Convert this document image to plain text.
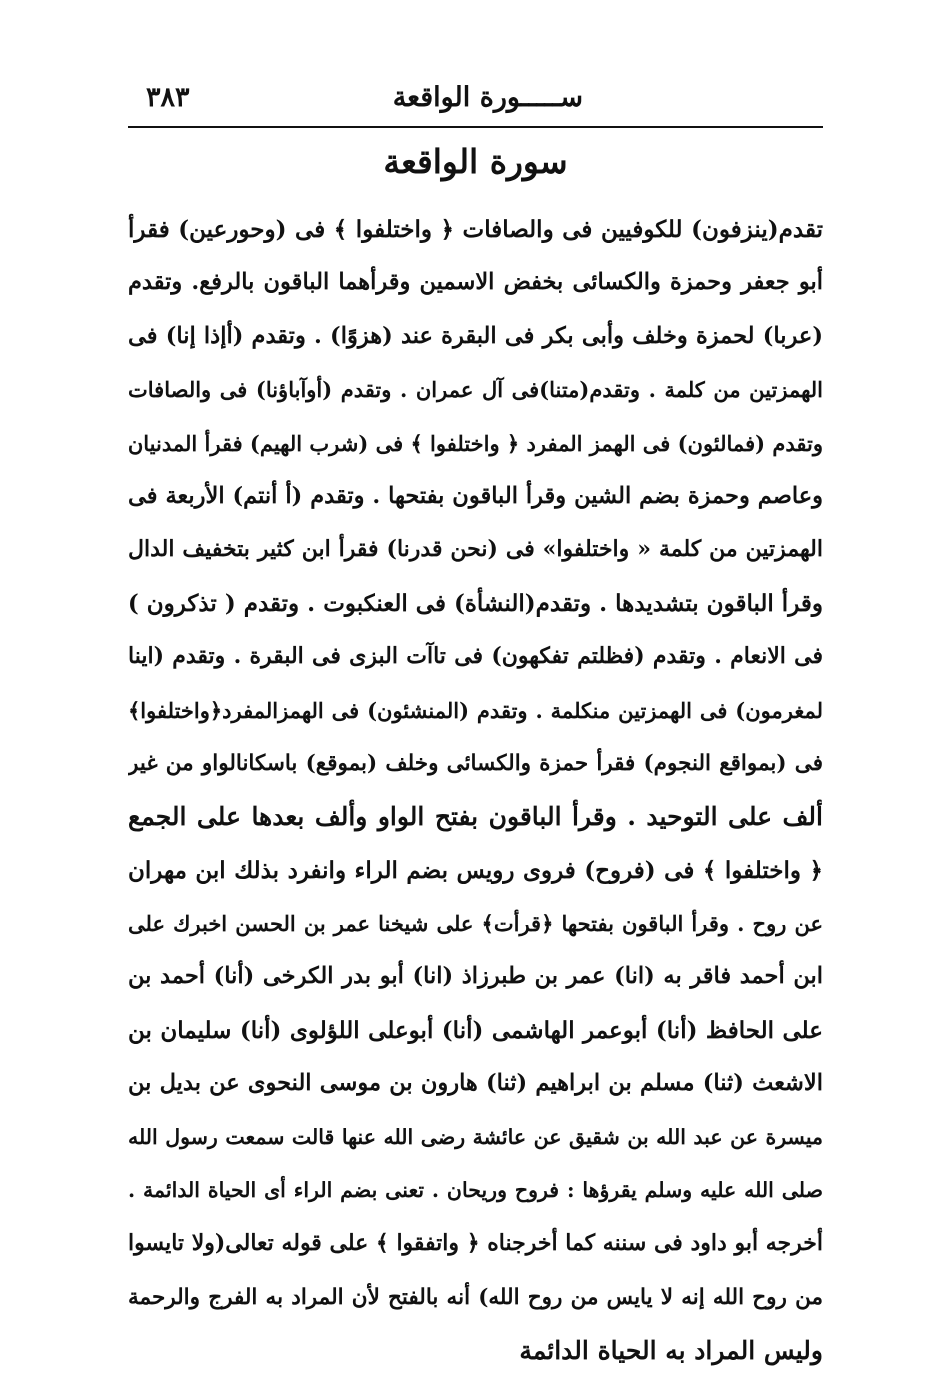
ســـــورة الواقعة
٣٨٣
سورة الواقعة
تقدم(ينزفون) للكوفيين فى والصافات ﴿ واختلفوا ﴾ فى (وحورعين) فقرأ
أبو جعفر وحمزة والكسائى بخفض الاسمين وقرأهما الباقون بالرفع. وتقدم
(عربا) لحمزة وخلف وأبى بكر فى البقرة عند (هزوًا) . وتقدم (أإذا إنا) فى
الهمزتين من كلمة . وتقدم(متنا)فى آل عمران . وتقدم (أوآباؤنا) فى والصافات
وتقدم (فمالئون) فى الهمز المفرد ﴿ واختلفوا ﴾ فى (شرب الهيم) فقرأ المدنيان
وعاصم وحمزة بضم الشين وقرأ الباقون بفتحها . وتقدم (أ أنتم) الأربعة فى
الهمزتين من كلمة « واختلفوا» فى (نحن قدرنا) فقرأ ابن كثير بتخفيف الدال
وقرأ الباقون بتشديدها . وتقدم(النشأة) فى العنكبوت . وتقدم ( تذكرون )
فى الانعام . وتقدم (فظلتم تفكهون) فى تاآت البزى فى البقرة . وتقدم (اينا
لمغرمون) فى الهمزتين منكلمة . وتقدم (المنشئون) فى الهمزالمفرد﴿واختلفوا﴾
فى (بمواقع النجوم) فقرأ حمزة والكسائى وخلف (بموقع) باسكانالواو من غير
ألف على التوحيد . وقرأ الباقون بفتح الواو وألف بعدها على الجمع
﴿ واختلفوا ﴾ فى (فروح) فروى رويس بضم الراء وانفرد بذلك ابن مهران
عن روح . وقرأ الباقون بفتحها ﴿قرأت﴾ على شيخنا عمر بن الحسن اخبرك على
ابن أحمد فاقر به (انا) عمر بن طبرزاذ (انا) أبو بدر الكرخى (أنا) أحمد بن
على الحافظ (أنا) أبوعمر الهاشمى (أنا) أبوعلى اللؤلوى (أنا) سليمان بن
الاشعث (ثنا) مسلم بن ابراهيم (ثنا) هارون بن موسى النحوى عن بديل بن
ميسرة عن عبد الله بن شقيق عن عائشة رضى الله عنها قالت سمعت رسول الله
صلى الله عليه وسلم يقرؤها : فروح وريحان . تعنى بضم الراء أى الحياة الدائمة .
أخرجه أبو داود فى سننه كما أخرجناه ﴿ واتفقوا ﴾ على قوله تعالى(ولا تايسوا
من روح الله إنه لا يايس من روح الله) أنه بالفتح لأن المراد به الفرج والرحمة
وليس المراد به الحياة الدائمة
